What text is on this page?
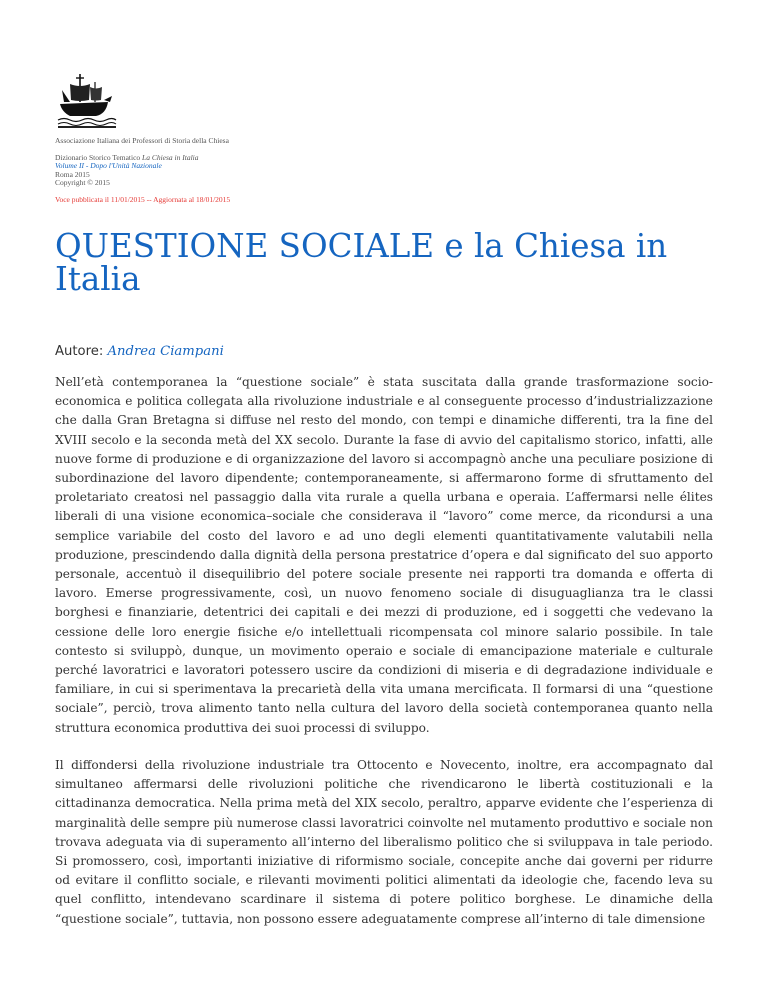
Associazione Italiana dei Professori di Storia della Chiesa
Dizionario Storico Tematico La Chiesa in Italia
Volume II - Dopo l'Unità Nazionale
Roma 2015
Copyright © 2015
Voce pubblicata il 11/01/2015 -- Aggiornata al 18/01/2015
QUESTIONE SOCIALE e la Chiesa in Italia
Autore: Andrea Ciampani

Nell’età contemporanea la “questione sociale” è stata suscitata dalla grande trasformazione socio-economica e politica collegata alla rivoluzione industriale e al conseguente processo d’industrializzazione che dalla Gran Bretagna si diffuse nel resto del mondo, con tempi e dinamiche differenti, tra la fine del XVIII secolo e la seconda metà del XX secolo. Durante la fase di avvio del capitalismo storico, infatti, alle nuove forme di produzione e di organizzazione del lavoro si accompagnò anche una peculiare posizione di subordinazione del lavoro dipendente; contemporaneamente, si affermarono forme di sfruttamento del proletariato creatosi nel passaggio dalla vita rurale a quella urbana e operaia. L’affermarsi nelle élites liberali di una visione economica–sociale che considerava il “lavoro” come merce, da ricondursi a una semplice variabile del costo del lavoro e ad uno degli elementi quantitativamente valutabili nella produzione, prescindendo dalla dignità della persona prestatrice d’opera e dal significato del suo apporto personale, accentuò il disequilibrio del potere sociale presente nei rapporti tra domanda e offerta di lavoro. Emerse progressivamente, così, un nuovo fenomeno sociale di disuguaglianza tra le classi borghesi e finanziarie, detentrici dei capitali e dei mezzi di produzione, ed i soggetti che vedevano la cessione delle loro energie fisiche e/o intellettuali ricompensata col minore salario possibile. In tale contesto si sviluppò, dunque, un movimento operaio e sociale di emancipazione materiale e culturale perché lavoratrici e lavoratori potessero uscire da condizioni di miseria e di degradazione individuale e familiare, in cui si sperimentava la precarietà della vita umana mercificata. Il formarsi di una “questione sociale”, perciò, trova alimento tanto nella cultura del lavoro della società contemporanea quanto nella struttura economica produttiva dei suoi processi di sviluppo.

Il diffondersi della rivoluzione industriale tra Ottocento e Novecento, inoltre, era accompagnato dal simultaneo affermarsi delle rivoluzioni politiche che rivendicarono le libertà costituzionali e la cittadinanza democratica. Nella prima metà del XIX secolo, peraltro, apparve evidente che l’esperienza di marginalità delle sempre più numerose classi lavoratrici coinvolte nel mutamento produttivo e sociale non trovava adeguata via di superamento all’interno del liberalismo politico che si sviluppava in tale periodo. Si promossero, così, importanti iniziative di riformismo sociale, concepite anche dai governi per ridurre od evitare il conflitto sociale, e rilevanti movimenti politici alimentati da ideologie che, facendo leva su quel conflitto, intendevano scardinare il sistema di potere politico borghese. Le dinamiche della “questione sociale”, tuttavia, non possono essere adeguatamente comprese all’interno di tale dimensione
